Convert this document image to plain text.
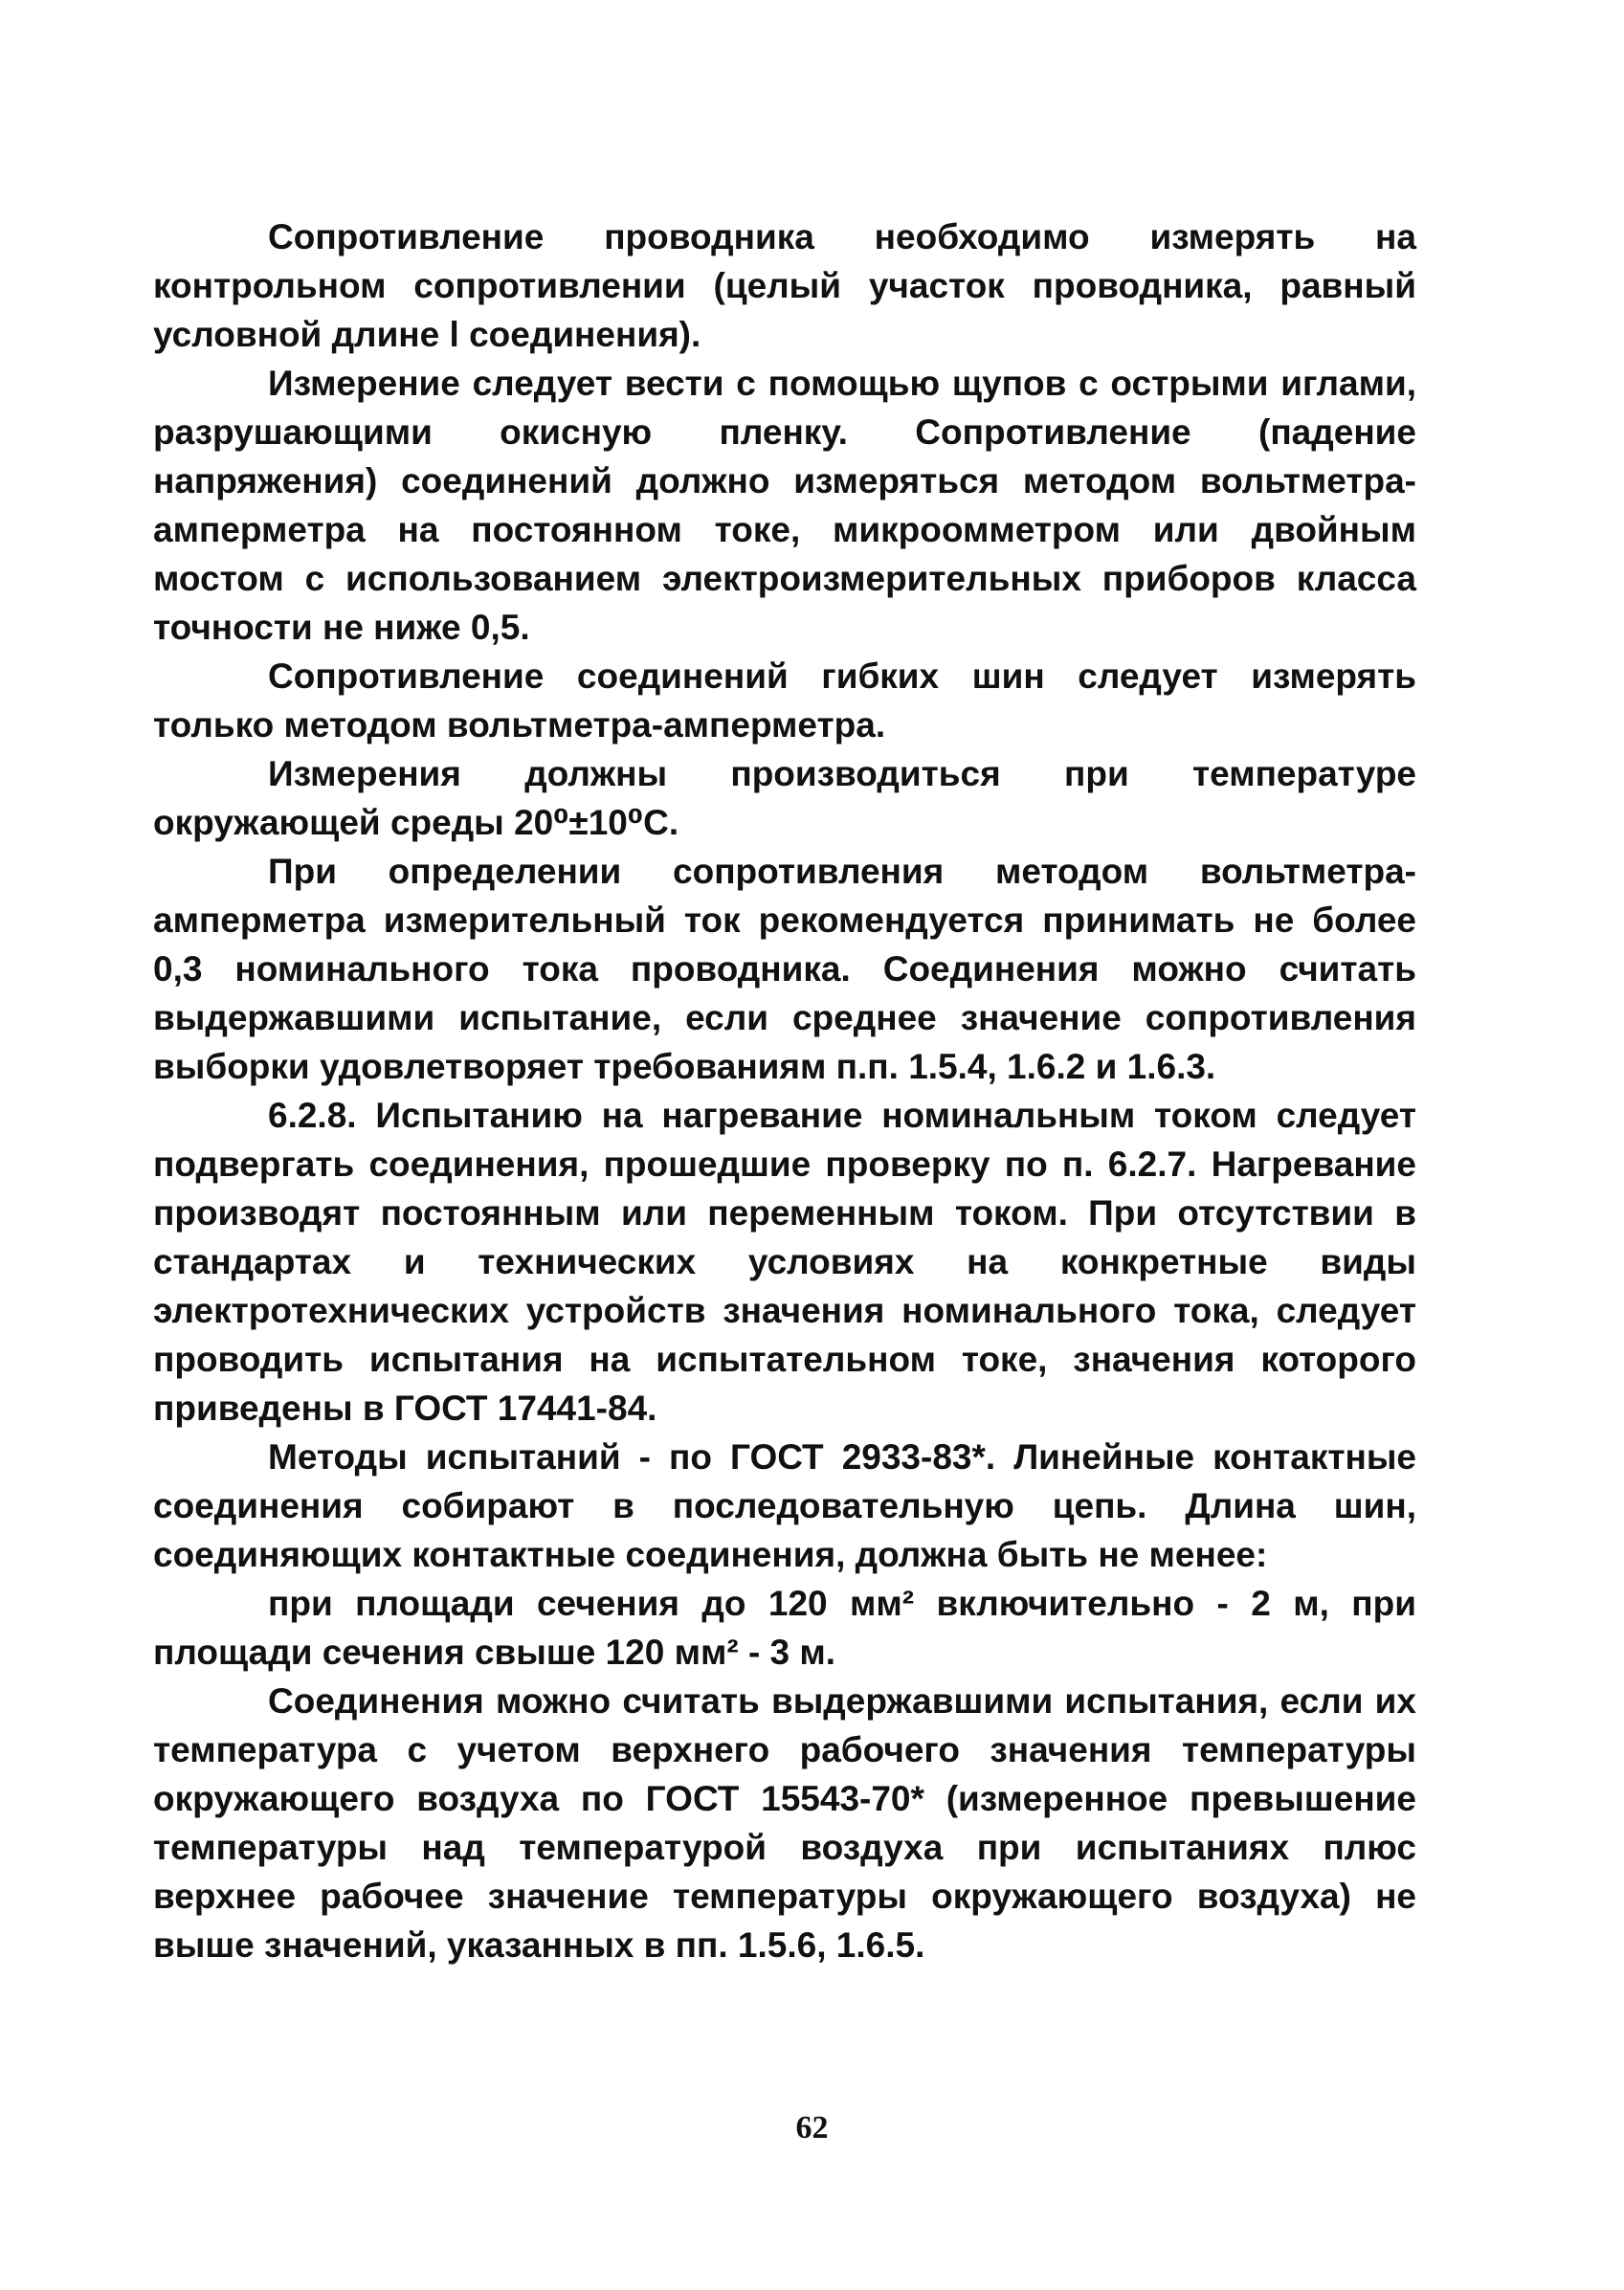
Сопротивление проводника необходимо измерять на контрольном сопротивлении (целый участок проводника, равный условной длине l соединения).

Измерение следует вести с помощью щупов с острыми иглами, разрушающими окисную пленку. Сопротивление (падение напряжения) соединений должно измеряться методом вольтметра-амперметра на постоянном токе, микроомметром или двойным мостом с использованием электроизмерительных приборов класса точности не ниже 0,5.

Сопротивление соединений гибких шин следует измерять только методом вольтметра-амперметра.

Измерения должны производиться при температуре окружающей среды 20⁰±10⁰С.

При определении сопротивления методом вольтметра-амперметра измерительный ток рекомендуется принимать не более 0,3 номинального тока проводника. Соединения можно считать выдержавшими испытание, если среднее значение сопротивления выборки удовлетворяет требованиям п.п. 1.5.4, 1.6.2 и 1.6.3.

6.2.8. Испытанию на нагревание номинальным током следует подвергать соединения, прошедшие проверку по п. 6.2.7. Нагревание производят постоянным или переменным током. При отсутствии в стандартах и технических условиях на конкретные виды электротехнических устройств значения номинального тока, следует проводить испытания на испытательном токе, значения которого приведены в ГОСТ 17441-84.

Методы испытаний - по ГОСТ 2933-83*. Линейные контактные соединения собирают в последовательную цепь. Длина шин, соединяющих контактные соединения, должна быть не менее:

при площади сечения до 120 мм² включительно - 2 м, при площади сечения свыше 120 мм² - 3 м.

Соединения можно считать выдержавшими испытания, если их температура с учетом верхнего рабочего значения температуры окружающего воздуха по ГОСТ 15543-70* (измеренное превышение температуры над температурой воздуха при испытаниях плюс верхнее рабочее значение температуры окружающего воздуха) не выше значений, указанных в пп. 1.5.6, 1.6.5.

62
